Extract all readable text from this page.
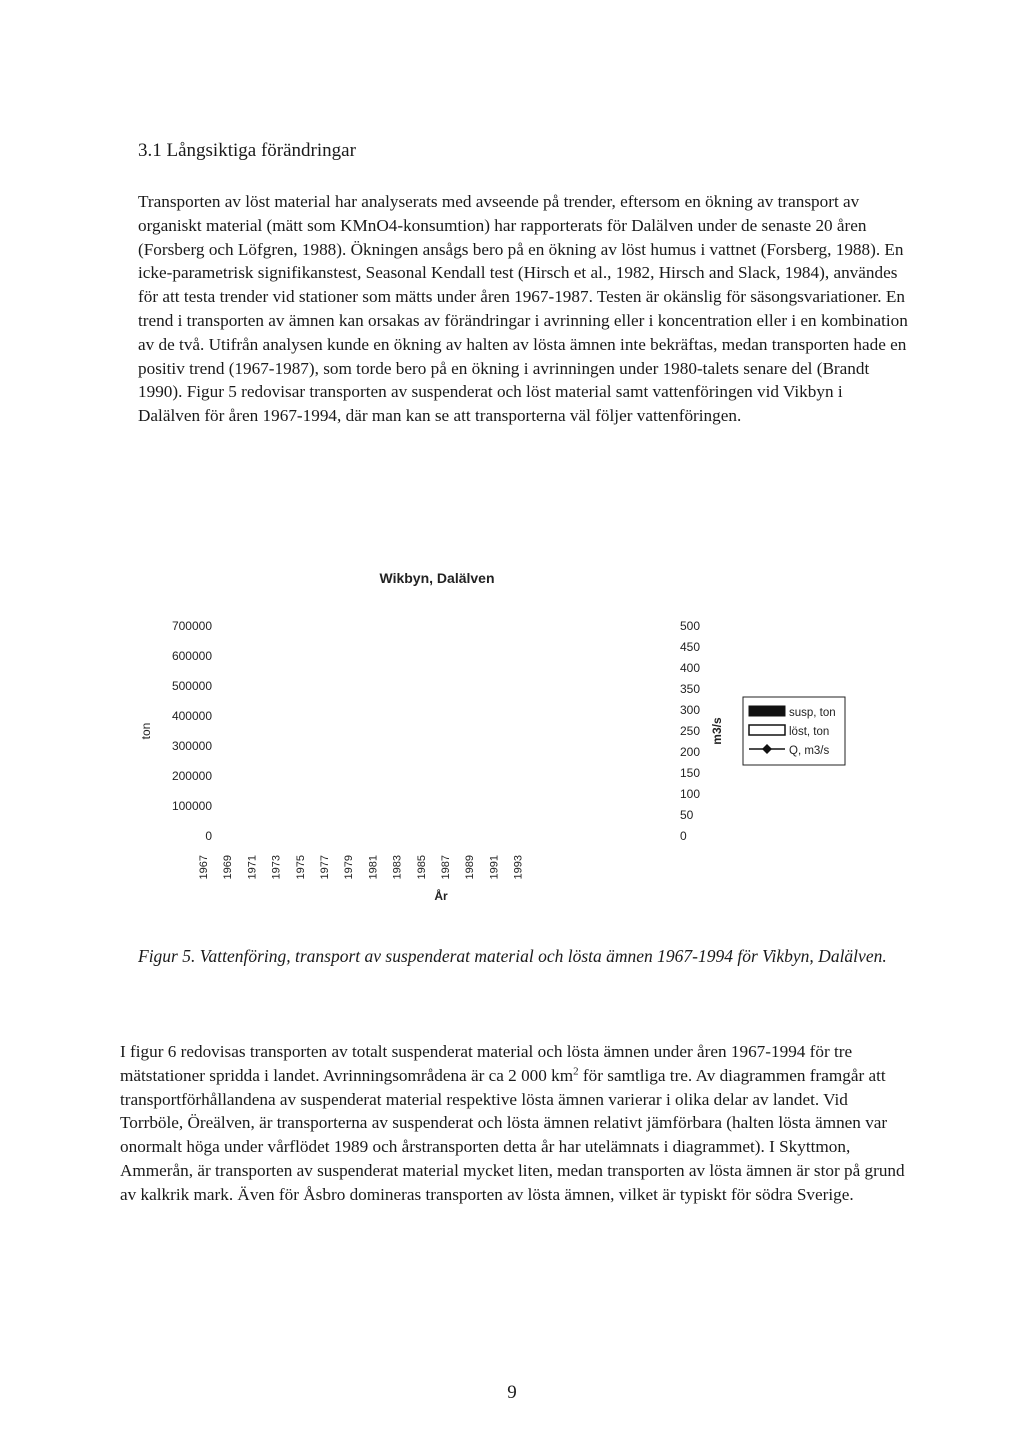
3.1 Långsiktiga förändringar

Transporten av löst material har analyserats med avseende på trender, eftersom en ökning av transport av organiskt material (mätt som KMnO4-konsumtion) har rapporterats för Dalälven under de senaste 20 åren (Forsberg och Löfgren, 1988). Ökningen ansågs bero på en ökning av löst humus i vattnet (Forsberg, 1988). En icke-parametrisk signifikanstest, Seasonal Kendall test (Hirsch et al., 1982, Hirsch and Slack, 1984), användes för att testa trender vid stationer som mätts under åren 1967-1987. Testen är okänslig för säsongsvariationer. En trend i transporten av ämnen kan orsakas av förändringar i avrinning eller i koncentration eller i en kombination av de två. Utifrån analysen kunde en ökning av halten av lösta ämnen inte bekräftas, medan transporten hade en positiv trend (1967-1987), som torde bero på en ökning i avrinningen under 1980-talets senare del (Brandt 1990). Figur 5 redovisar transporten av suspenderat och löst material samt vattenföringen vid Vikbyn i Dalälven för åren 1967-1994, där man kan se att transporterna väl följer vattenföringen.

Wikbyn, Dalälven
0
100000
200000
300000
400000
500000
600000
700000
ton
0
50
100
150
200
250
300
350
400
450
500
m3/s
1967 1969 1971 1973 1975 1977 1979 1981 1983 1985 1987 1989 1991 1993
År
susp, ton
löst, ton
Q, m3/s

Figur 5. Vattenföring, transport av suspenderat material och lösta ämnen 1967-1994 för Vikbyn, Dalälven.

I figur 6 redovisas transporten av totalt suspenderat material och lösta ämnen under åren 1967-1994 för tre mätstationer spridda i landet. Avrinningsområdena är ca 2 000 $km^2$ för samtliga tre. Av diagrammen framgår att transportförhållandena av suspenderat material respektive lösta ämnen varierar i olika delar av landet. Vid Torrböle, Öreälven, är transporterna av suspenderat och lösta ämnen relativt jämförbara (halten lösta ämnen var onormalt höga under vårflödet 1989 och årstransporten detta år har utelämnats i diagrammet). I Skyttmon, Ammerån, är transporten av suspenderat material mycket liten, medan transporten av lösta ämnen är stor på grund av kalkrik mark. Även för Åsbro domineras transporten av lösta ämnen, vilket är typiskt för södra Sverige.

9
